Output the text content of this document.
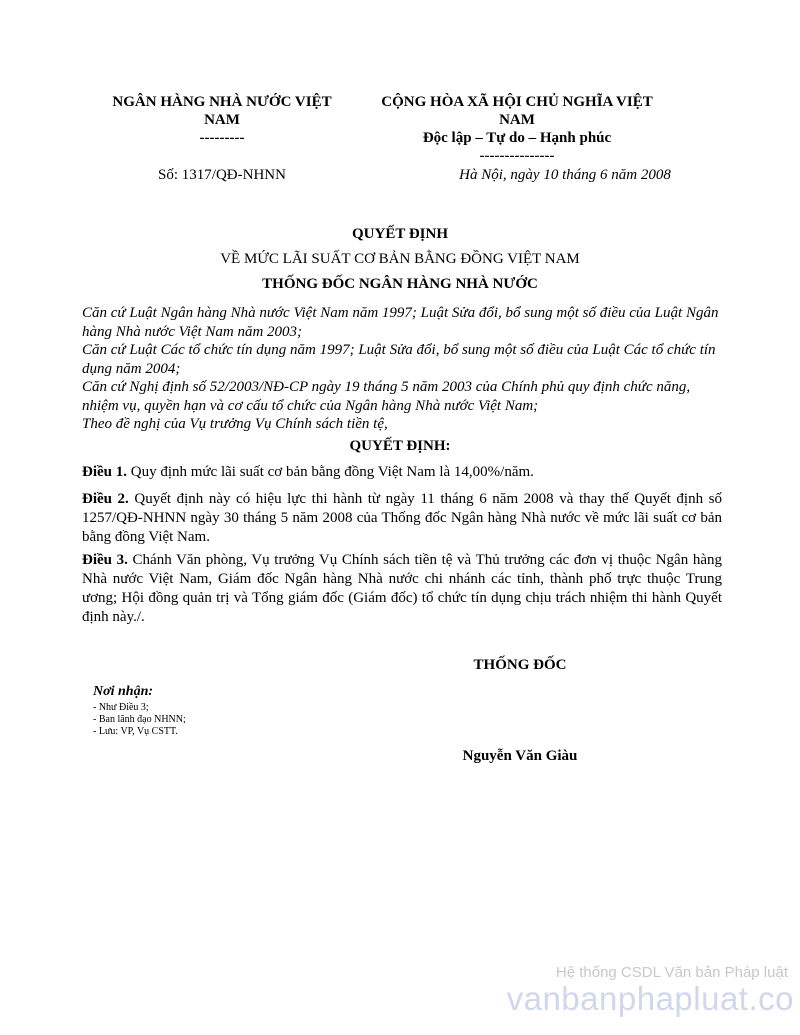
NGÂN HÀNG NHÀ NƯỚC VIỆT
NAM
---------
CỘNG HÒA XÃ HỘI CHỦ NGHĨA VIỆT
NAM
Độc lập – Tự do – Hạnh phúc
---------------
Số: 1317/QĐ-NHNN	Hà Nội, ngày 10 tháng 6 năm 2008
QUYẾT ĐỊNH
VỀ MỨC LÃI SUẤT CƠ BẢN BẰNG ĐỒNG VIỆT NAM
THỐNG ĐỐC NGÂN HÀNG NHÀ NƯỚC

Căn cứ Luật Ngân hàng Nhà nước Việt Nam năm 1997; Luật Sửa đổi, bổ sung một số điều của Luật Ngân hàng Nhà nước Việt Nam năm 2003;

Căn cứ Luật Các tổ chức tín dụng năm 1997; Luật Sửa đổi, bổ sung một số điều của Luật Các tổ chức tín dụng năm 2004;

Căn cứ Nghị định số 52/2003/NĐ-CP ngày 19 tháng 5 năm 2003 của Chính phủ quy định chức năng, nhiệm vụ, quyền hạn và cơ cấu tổ chức của Ngân hàng Nhà nước Việt Nam;

Theo đề nghị của Vụ trưởng Vụ Chính sách tiền tệ,

QUYẾT ĐỊNH:
Điều 1. Quy định mức lãi suất cơ bản bằng đồng Việt Nam là 14,00%/năm.
Điều 2. Quyết định này có hiệu lực thi hành từ ngày 11 tháng 6 năm 2008 và thay thế Quyết định số 1257/QĐ-NHNN ngày 30 tháng 5 năm 2008 của Thống đốc Ngân hàng Nhà nước về mức lãi suất cơ bản bằng đồng Việt Nam.
Điều 3. Chánh Văn phòng, Vụ trưởng Vụ Chính sách tiền tệ và Thủ trưởng các đơn vị thuộc Ngân hàng Nhà nước Việt Nam, Giám đốc Ngân hàng Nhà nước chi nhánh các tỉnh, thành phố trực thuộc Trung ương; Hội đồng quản trị và Tổng giám đốc (Giám đốc) tổ chức tín dụng chịu trách nhiệm thi hành Quyết định này./.
THỐNG ĐỐC
Nguyễn Văn Giàu
Nơi nhận:
- Như Điều 3;
- Ban lãnh đạo NHNN;
- Lưu: VP, Vụ CSTT.
Hệ thống CSDL Văn bản Pháp luật
vanbanphapluat.co
